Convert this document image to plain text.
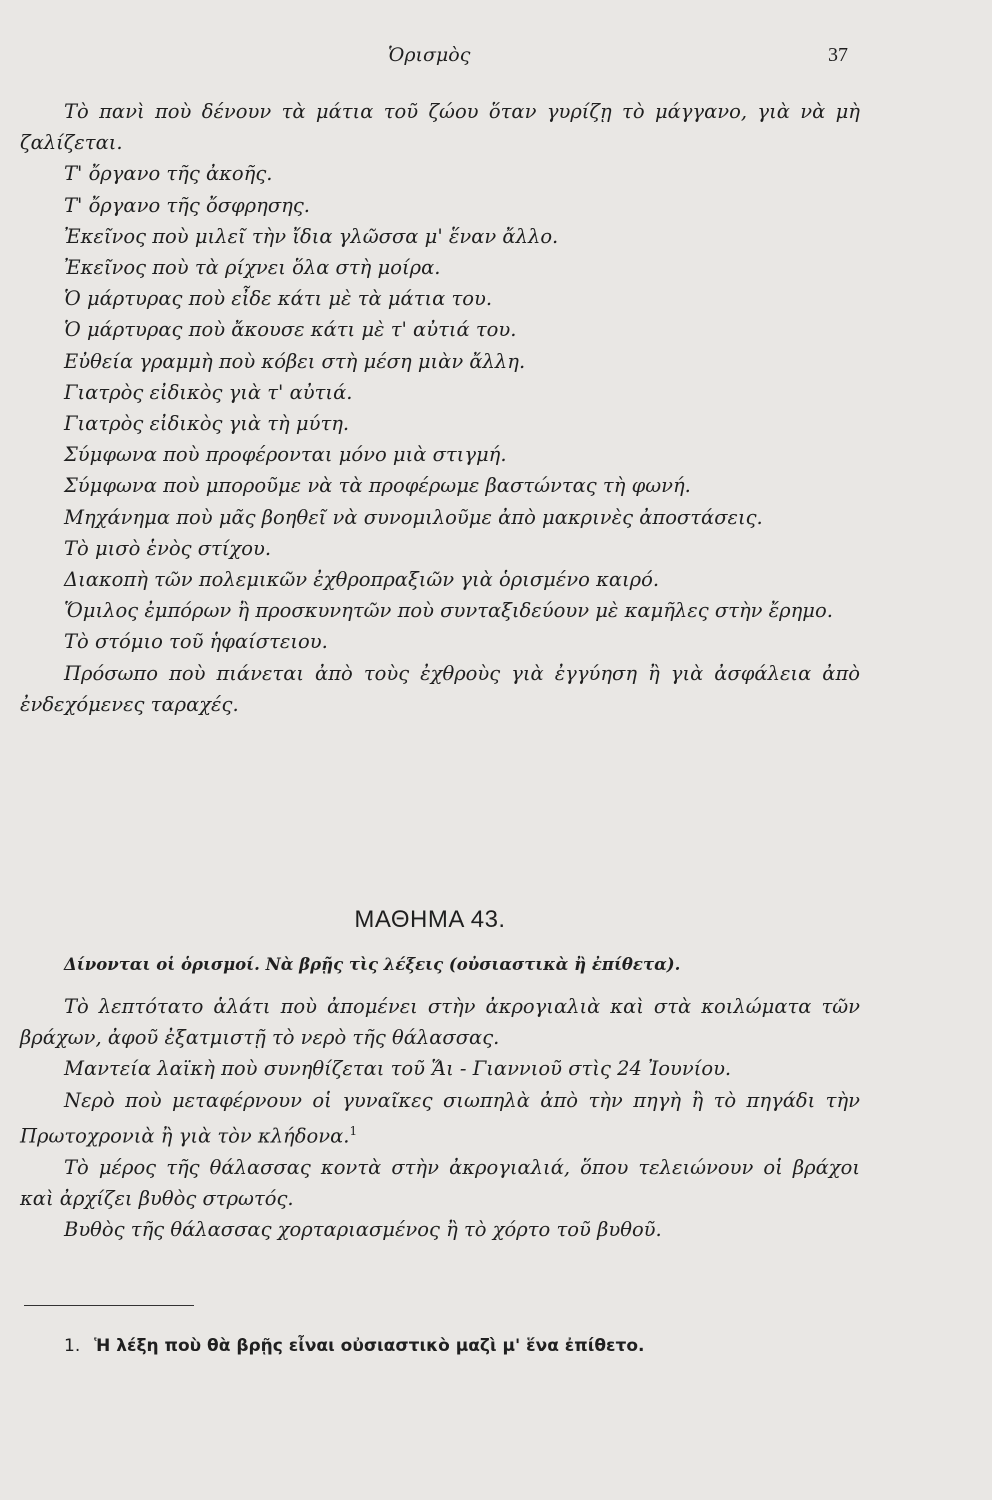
Ὁρισμὸς	37

Τὸ πανὶ ποὺ δένουν τὰ μάτια τοῦ ζώου ὅταν γυρίζῃ τὸ μάγγανο, γιὰ νὰ μὴ ζαλίζεται.

Τ' ὄργανο τῆς ἀκοῆς.

Τ' ὄργανο τῆς ὄσφρησης.

Ἐκεῖνος ποὺ μιλεῖ τὴν ἴδια γλῶσσα μ' ἕναν ἄλλο.

Ἐκεῖνος ποὺ τὰ ρίχνει ὅλα στὴ μοίρα.

Ὁ μάρτυρας ποὺ εἶδε κάτι μὲ τὰ μάτια του.

Ὁ μάρτυρας ποὺ ἄκουσε κάτι μὲ τ' αὐτιά του.

Εὐθεία γραμμὴ ποὺ κόβει στὴ μέση μιὰν ἄλλη.

Γιατρὸς εἰδικὸς γιὰ τ' αὐτιά.

Γιατρὸς εἰδικὸς γιὰ τὴ μύτη.

Σύμφωνα ποὺ προφέρονται μόνο μιὰ στιγμή.

Σύμφωνα ποὺ μποροῦμε νὰ τὰ προφέρωμε βαστώντας τὴ φωνή.

Μηχάνημα ποὺ μᾶς βοηθεῖ νὰ συνομιλοῦμε ἀπὸ μακρινὲς ἀποστάσεις.

Τὸ μισὸ ἑνὸς στίχου.

Διακοπὴ τῶν πολεμικῶν ἐχθροπραξιῶν γιὰ ὁρισμένο καιρό.

Ὅμιλος ἐμπόρων ἢ προσκυνητῶν ποὺ συνταξιδεύουν μὲ καμῆλες στὴν ἔρημο.

Τὸ στόμιο τοῦ ἡφαίστειου.

Πρόσωπο ποὺ πιάνεται ἀπὸ τοὺς ἐχθροὺς γιὰ ἐγγύηση ἢ γιὰ ἀσφάλεια ἀπὸ ἐνδεχόμενες ταραχές.

ΜΑΘΗΜΑ 43.
Δίνονται οἱ ὁρισμοί. Νὰ βρῇς τὶς λέξεις (οὐσιαστικὰ ἢ ἐπίθετα).

Τὸ λεπτότατο ἁλάτι ποὺ ἀπομένει στὴν ἀκρογιαλιὰ καὶ στὰ κοιλώματα τῶν βράχων, ἀφοῦ ἐξατμιστῇ τὸ νερὸ τῆς θάλασσας.

Μαντεία λαϊκὴ ποὺ συνηθίζεται τοῦ Ἅι - Γιαννιοῦ στὶς 24 Ἰουνίου.

Νερὸ ποὺ μεταφέρνουν οἱ γυναῖκες σιωπηλὰ ἀπὸ τὴν πηγὴ ἢ τὸ πηγάδι τὴν Πρωτοχρονιὰ ἢ γιὰ τὸν κλήδονα.$^1$

Τὸ μέρος τῆς θάλασσας κοντὰ στὴν ἀκρογιαλιά, ὅπου τελειώνουν οἱ βράχοι καὶ ἀρχίζει βυθὸς στρωτός.

Βυθὸς τῆς θάλασσας χορταριασμένος ἢ τὸ χόρτο τοῦ βυθοῦ.

1. Ἡ λέξη ποὺ θὰ βρῇς εἶναι οὐσιαστικὸ μαζὶ μ' ἕνα ἐπίθετο.
